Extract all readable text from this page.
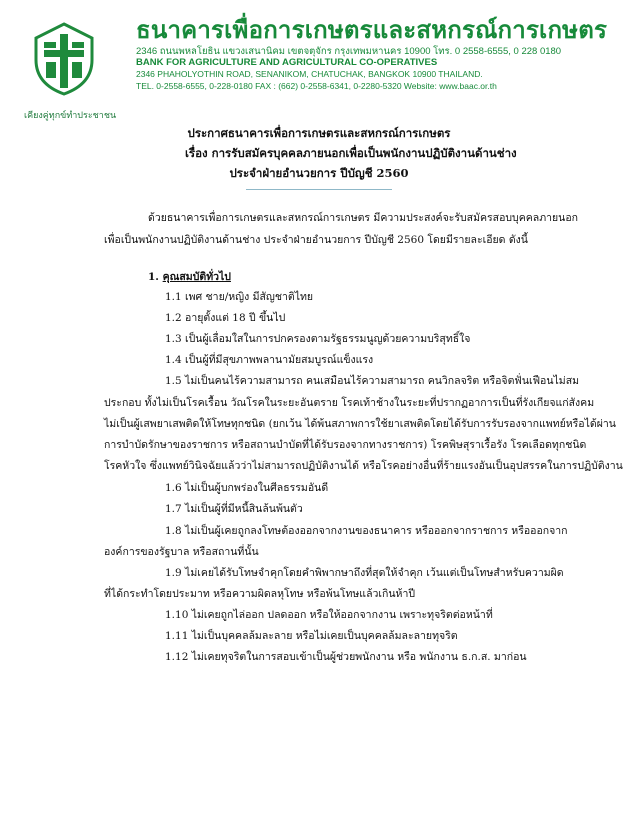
เคียงคู่ทุกข์ทำประชาชน
ธนาคารเพื่อการเกษตรและสหกรณ์การเกษตร
2346 ถนนพหลโยธิน แขวงเสนานิคม เขตจตุจักร กรุงเทพมหานคร 10900 โทร. 0 2558-6555, 0 228 0180
BANK FOR AGRICULTURE AND AGRICULTURAL CO-OPERATIVES
2346 PHAHOLYOTHIN ROAD, SENANIKOM, CHATUCHAK, BANGKOK 10900 THAILAND.
TEL. 0-2558-6555, 0-228-0180 FAX : (662) 0-2558-6341, 0-2280-5320 Website: www.baac.or.th
ประกาศธนาคารเพื่อการเกษตรและสหกรณ์การเกษตร
เรื่อง การรับสมัครบุคคลภายนอกเพื่อเป็นพนักงานปฏิบัติงานด้านช่าง
ประจำฝ่ายอำนวยการ ปีบัญชี 2560
ด้วยธนาคารเพื่อการเกษตรและสหกรณ์การเกษตร มีความประสงค์จะรับสมัครสอบบุคคลภายนอก
เพื่อเป็นพนักงานปฏิบัติงานด้านช่าง ประจำฝ่ายอำนวยการ ปีบัญชี 2560 โดยมีรายละเอียด ดังนี้
1. คุณสมบัติทั่วไป
1.1 เพศ ชาย/หญิง มีสัญชาติไทย
1.2 อายุตั้งแต่ 18 ปี ขึ้นไป
1.3 เป็นผู้เลื่อมใสในการปกครองตามรัฐธรรมนูญด้วยความบริสุทธิ์ใจ
1.4 เป็นผู้ที่มีสุขภาพพลานามัยสมบูรณ์แข็งแรง
1.5 ไม่เป็นคนไร้ความสามารถ คนเสมือนไร้ความสามารถ คนวิกลจริต หรือจิตฟั่นเฟือนไม่สม
ประกอบ ทั้งไม่เป็นโรคเรื้อน วัณโรคในระยะอันตราย โรคเท้าช้างในระยะที่ปรากฏอาการเป็นที่รังเกียจแก่สังคม
ไม่เป็นผู้เสพยาเสพติดให้โทษทุกชนิด (ยกเว้น ได้พ้นสภาพการใช้ยาเสพติดโดยได้รับการรับรองจากแพทย์หรือได้ผ่าน
การบำบัดรักษาของราชการ หรือสถานบำบัดที่ได้รับรองจากทางราชการ) โรคพิษสุราเรื้อรัง โรคเลือดทุกชนิด
โรคหัวใจ ซึ่งแพทย์วินิจฉัยแล้วว่าไม่สามารถปฏิบัติงานได้ หรือโรคอย่างอื่นที่ร้ายแรงอันเป็นอุปสรรคในการปฏิบัติงาน
1.6 ไม่เป็นผู้บกพร่องในศีลธรรมอันดี
1.7 ไม่เป็นผู้ที่มีหนี้สินล้นพ้นตัว
1.8 ไม่เป็นผู้เคยถูกลงโทษต้องออกจากงานของธนาคาร หรือออกจากราชการ หรือออกจาก
องค์การของรัฐบาล หรือสถานที่นั้น
1.9 ไม่เคยได้รับโทษจำคุกโดยคำพิพากษาถึงที่สุดให้จำคุก เว้นแต่เป็นโทษสำหรับความผิด
ที่ได้กระทำโดยประมาท หรือความผิดลหุโทษ หรือพ้นโทษแล้วเกินห้าปี
1.10 ไม่เคยถูกไล่ออก ปลดออก หรือให้ออกจากงาน เพราะทุจริตต่อหน้าที่
1.11 ไม่เป็นบุคคลล้มละลาย หรือไม่เคยเป็นบุคคลล้มละลายทุจริต
1.12 ไม่เคยทุจริตในการสอบเข้าเป็นผู้ช่วยพนักงาน หรือ พนักงาน ธ.ก.ส. มาก่อน
